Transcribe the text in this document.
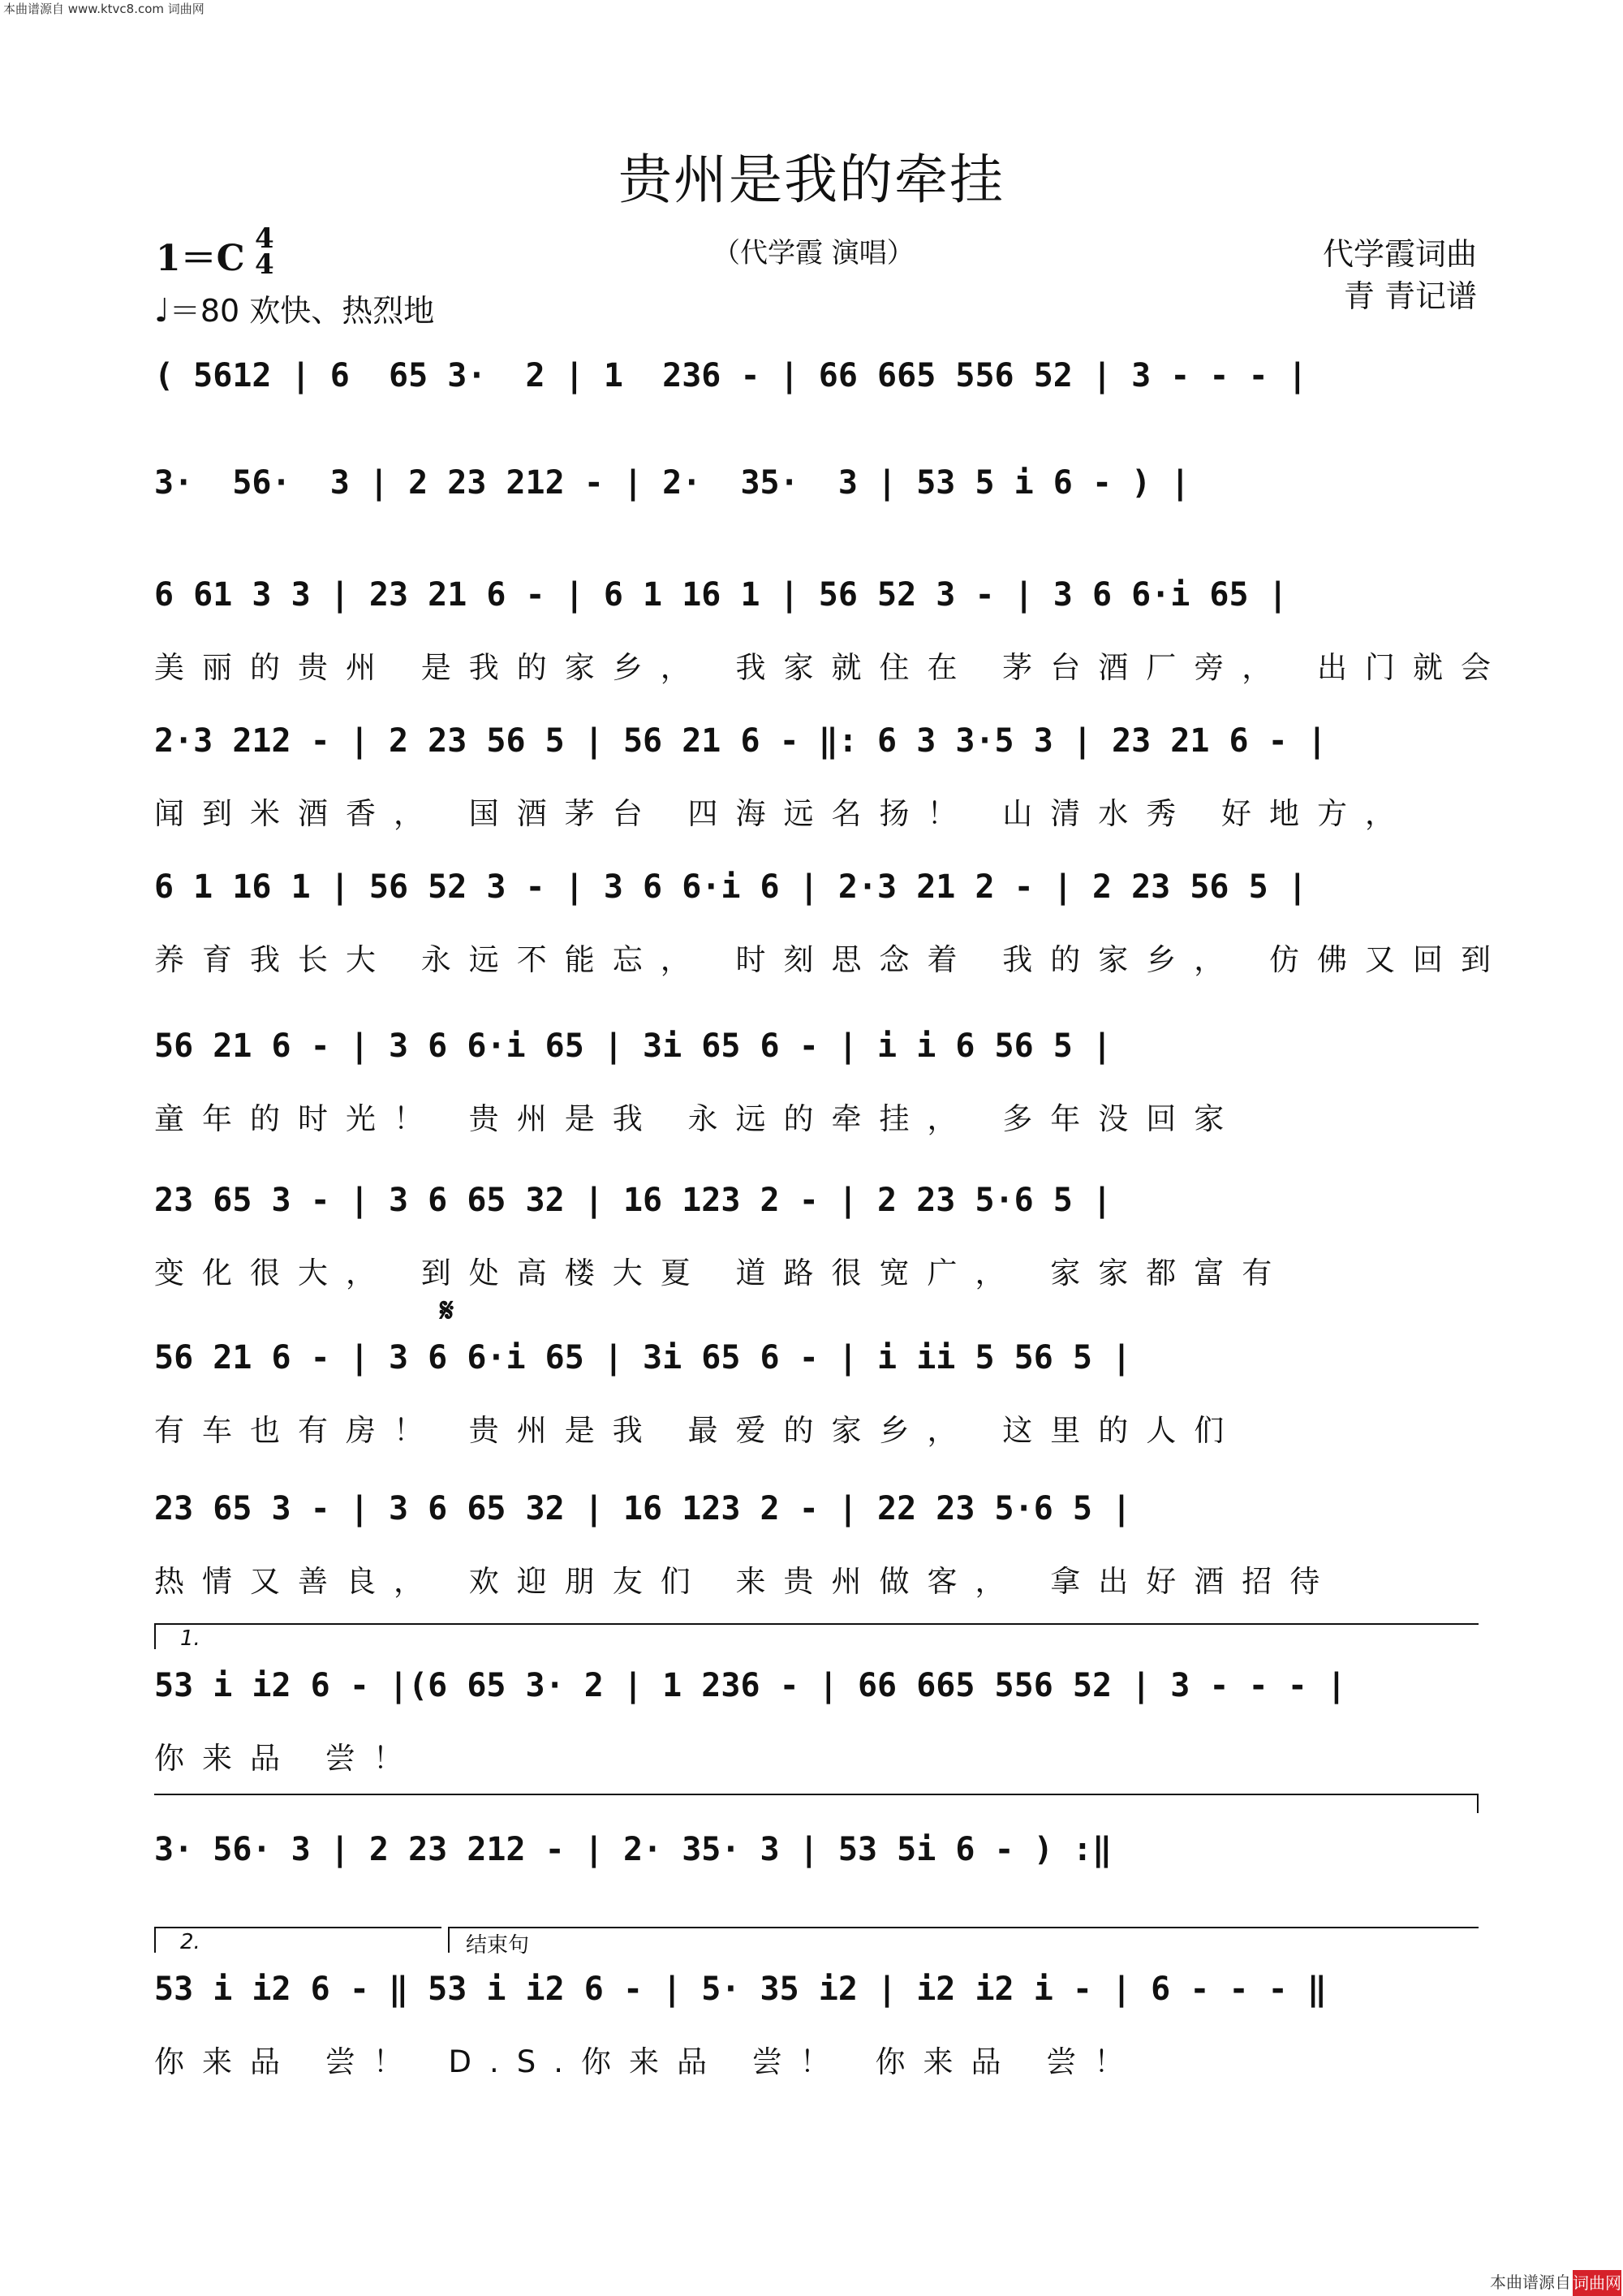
本曲谱源自 www.ktvc8.com 词曲网
贵州是我的牵挂
1＝C 4
4
♩＝80 欢快、热烈地
（代学霞 演唱）	代学霞词曲
青 青记谱
( 5612 | 6  65 3·  2 | 1  236 - | 66 665 556 52 | 3 - - - |
3·  56·  3 | 2 23 212 - | 2·  35·  3 | 53 5 i 6 - ) |
6 61 3 3 | 23 21 6 - | 6 1 16 1 | 56 52 3 - | 3 6 6·i 65 |
美丽的贵州 是我的家乡， 我家就住在 茅台酒厂旁， 出门就会
2·3 212 - | 2 23 56 5 | 56 21 6 - ‖: 6 3 3·5 3 | 23 21 6 - |
闻到米酒香， 国酒茅台 四海远名扬！ 山清水秀 好地方，
6 1 16 1 | 56 52 3 - | 3 6 6·i 6 | 2·3 21 2 - | 2 23 56 5 |
养育我长大 永远不能忘， 时刻思念着 我的家乡， 仿佛又回到
56 21 6 - | 3 6 6·i 65 | 3i 65 6 - | i i 6 56 5 |
童年的时光！ 贵州是我 永远的牵挂， 多年没回家
23 65 3 - | 3 6 65 32 | 16 123 2 - | 2 23 5·6 5 |
变化很大， 到处高楼大夏 道路很宽广， 家家都富有
𝄋
56 21 6 - | 3 6 6·i 65 | 3i 65 6 - | i ii 5 56 5 |
有车也有房！ 贵州是我 最爱的家乡， 这里的人们
23 65 3 - | 3 6 65 32 | 16 123 2 - | 22 23 5·6 5 |
热情又善良， 欢迎朋友们 来贵州做客， 拿出好酒招待
1.
53 i i2 6 - |(6 65 3· 2 | 1 236 - | 66 665 556 52 | 3 - - - |
你来品 尝！
3· 56· 3 | 2 23 212 - | 2· 35· 3 | 53 5i 6 - ) :‖
2.	结束句
53 i i2 6 - ‖ 53 i i2 6 - | 5· 35 i2 | i2 i2 i - | 6 - - - ‖
你来品 尝！ D.S.你来品 尝！ 你来品 尝！
本曲谱源自 词曲网
